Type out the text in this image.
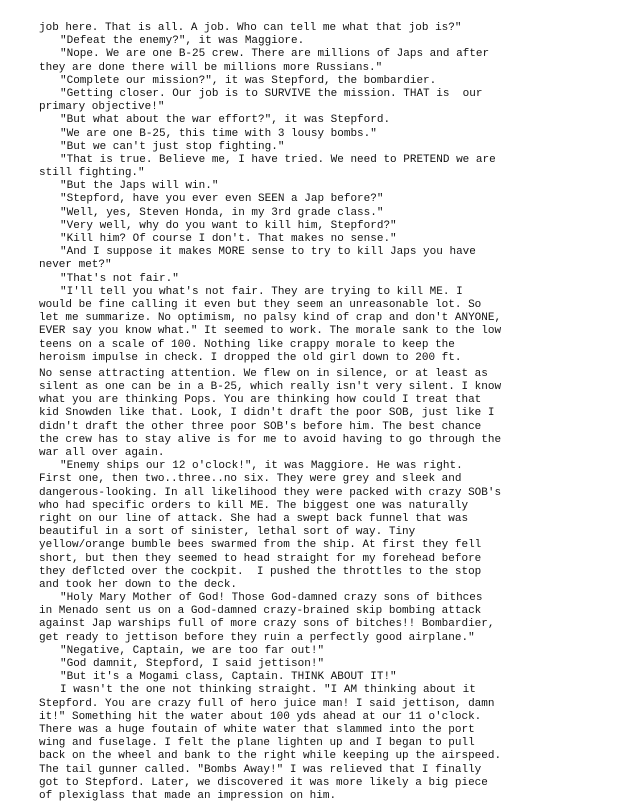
job here. That is all. A job. Who can tell me what that job is?"
"Defeat the enemy?", it was Maggiore.
"Nope. We are one B-25 crew. There are millions of Japs and after
they are done there will be millions more Russians."
"Complete our mission?", it was Stepford, the bombardier.
"Getting closer. Our job is to SURVIVE the mission. THAT is  our
primary objective!"
"But what about the war effort?", it was Stepford.
"We are one B-25, this time with 3 lousy bombs."
"But we can't just stop fighting."
"That is true. Believe me, I have tried. We need to PRETEND we are
still fighting."
"But the Japs will win."
"Stepford, have you ever even SEEN a Jap before?"
"Well, yes, Steven Honda, in my 3rd grade class."
"Very well, why do you want to kill him, Stepford?"
"Kill him? Of course I don't. That makes no sense."
"And I suppose it makes MORE sense to try to kill Japs you have
never met?"
"That's not fair."
"I'll tell you what's not fair. They are trying to kill ME. I
would be fine calling it even but they seem an unreasonable lot. So
let me summarize. No optimism, no palsy kind of crap and don't ANYONE,
EVER say you know what." It seemed to work. The morale sank to the low
teens on a scale of 100. Nothing like crappy morale to keep the
heroism impulse in check. I dropped the old girl down to 200 ft.
No sense attracting attention. We flew on in silence, or at least as
silent as one can be in a B-25, which really isn't very silent. I know
what you are thinking Pops. You are thinking how could I treat that
kid Snowden like that. Look, I didn't draft the poor SOB, just like I
didn't draft the other three poor SOB's before him. The best chance
the crew has to stay alive is for me to avoid having to go through the
war all over again.
"Enemy ships our 12 o'clock!", it was Maggiore. He was right.
First one, then two..three..no six. They were grey and sleek and
dangerous-looking. In all likelihood they were packed with crazy SOB's
who had specific orders to kill ME. The biggest one was naturally
right on our line of attack. She had a swept back funnel that was
beautiful in a sort of sinister, lethal sort of way. Tiny
yellow/orange bumble bees swarmed from the ship. At first they fell
short, but then they seemed to head straight for my forehead before
they deflcted over the cockpit.  I pushed the throttles to the stop
and took her down to the deck.
"Holy Mary Mother of God! Those God-damned crazy sons of bithces
in Menado sent us on a God-damned crazy-brained skip bombing attack
against Jap warships full of more crazy sons of bitches!! Bombardier,
get ready to jettison before they ruin a perfectly good airplane."
"Negative, Captain, we are too far out!"
"God damnit, Stepford, I said jettison!"
"But it's a Mogami class, Captain. THINK ABOUT IT!"
I wasn't the one not thinking straight. "I AM thinking about it
Stepford. You are crazy full of hero juice man! I said jettison, damn
it!" Something hit the water about 100 yds ahead at our 11 o'clock.
There was a huge foutain of white water that slammed into the port
wing and fuselage. I felt the plane lighten up and I began to pull
back on the wheel and bank to the right while keeping up the airspeed.
The tail gunner called. "Bombs Away!" I was relieved that I finally
got to Stepford. Later, we discovered it was more likely a big piece
of plexiglass that made an impression on him.
